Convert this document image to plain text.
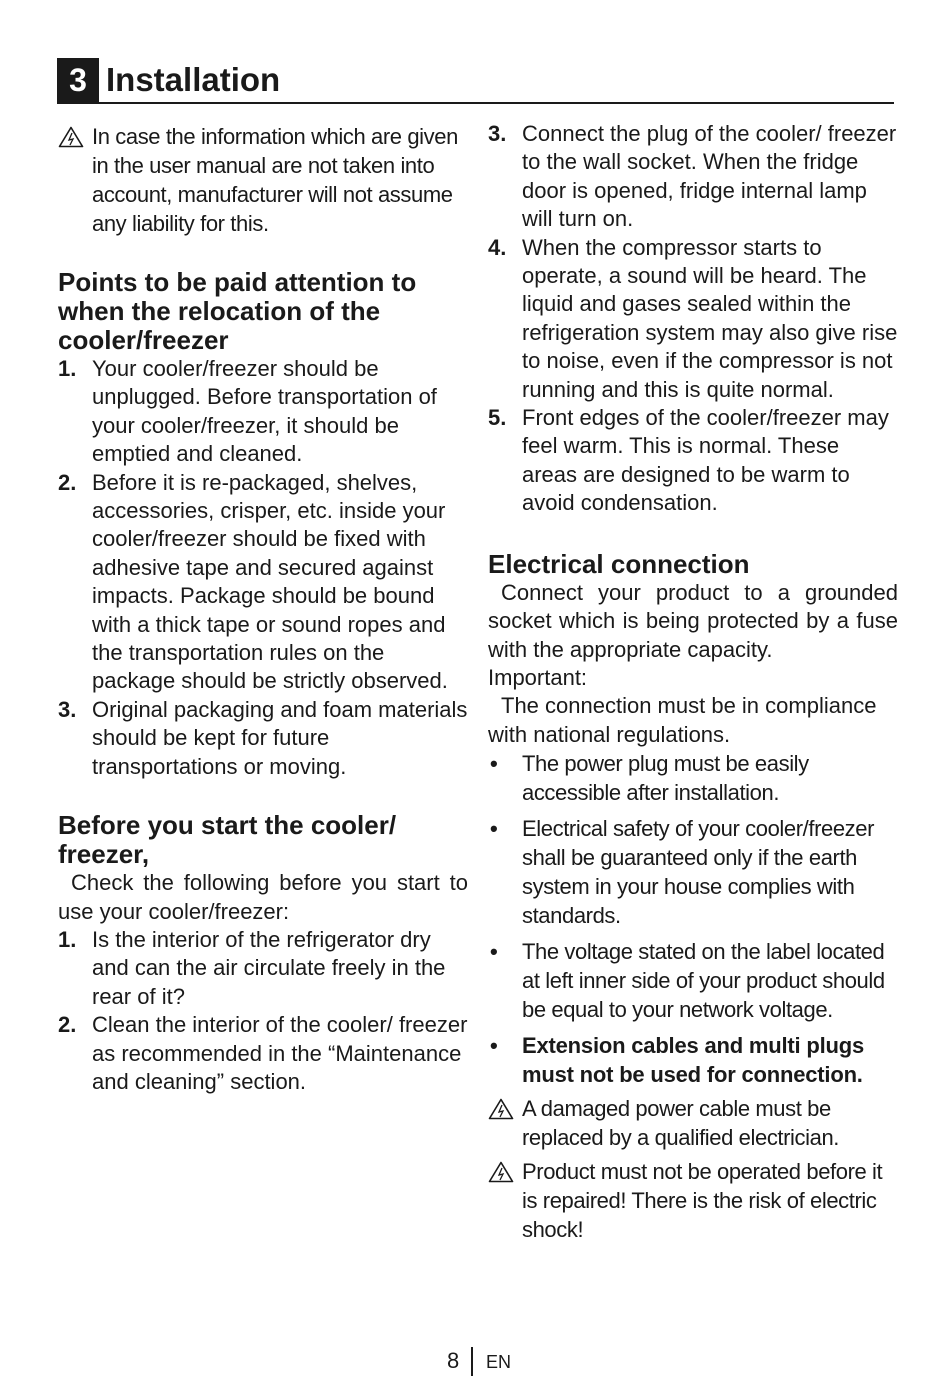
3 Installation

In case the information which are given in the user manual are not taken into account, manufacturer will not assume any liability for this.

Points to be paid attention to when the relocation of the cooler/freezer
1. Your cooler/freezer should be unplugged. Before transportation of your cooler/freezer, it should be emptied and cleaned.
2. Before it is re-packaged, shelves, accessories, crisper, etc. inside your cooler/freezer should be fixed with adhesive tape and secured against impacts. Package should be bound with a thick tape or sound ropes and the transportation rules on the package should be strictly observed.
3. Original packaging and foam materials should be kept for future transportations or moving.
Before you start the cooler/ freezer,

Check the following before you start to use your cooler/freezer:

1. Is the interior of the refrigerator dry and can the air circulate freely in the rear of it?
2. Clean the interior of the cooler/ freezer as recommended in the “Maintenance and cleaning” section.
3. Connect the plug of the cooler/ freezer to the wall socket. When the fridge door is opened, fridge internal lamp will turn on.
4. When the compressor starts to operate, a sound will be heard. The liquid and gases sealed within the refrigeration system may also give rise to noise, even if the compressor is not running and this is quite normal.
5. Front edges of the cooler/freezer may feel warm. This is normal. These areas are designed to be warm to avoid condensation.
Electrical connection

Connect your product to a grounded socket which is being protected by a fuse with the appropriate capacity.

Important:

The connection must be in compliance with national regulations.

• The power plug must be easily accessible after installation.
• Electrical safety of your cooler/freezer shall be guaranteed only if the earth system in your house complies with standards.
• The voltage stated on the label located at left inner side of your product should be equal to your network voltage.
• Extension cables and multi plugs must not be used for connection.
A damaged power cable must be replaced by a qualified electrician.
Product must not be operated before it is repaired! There is the risk of electric shock!
8 EN
